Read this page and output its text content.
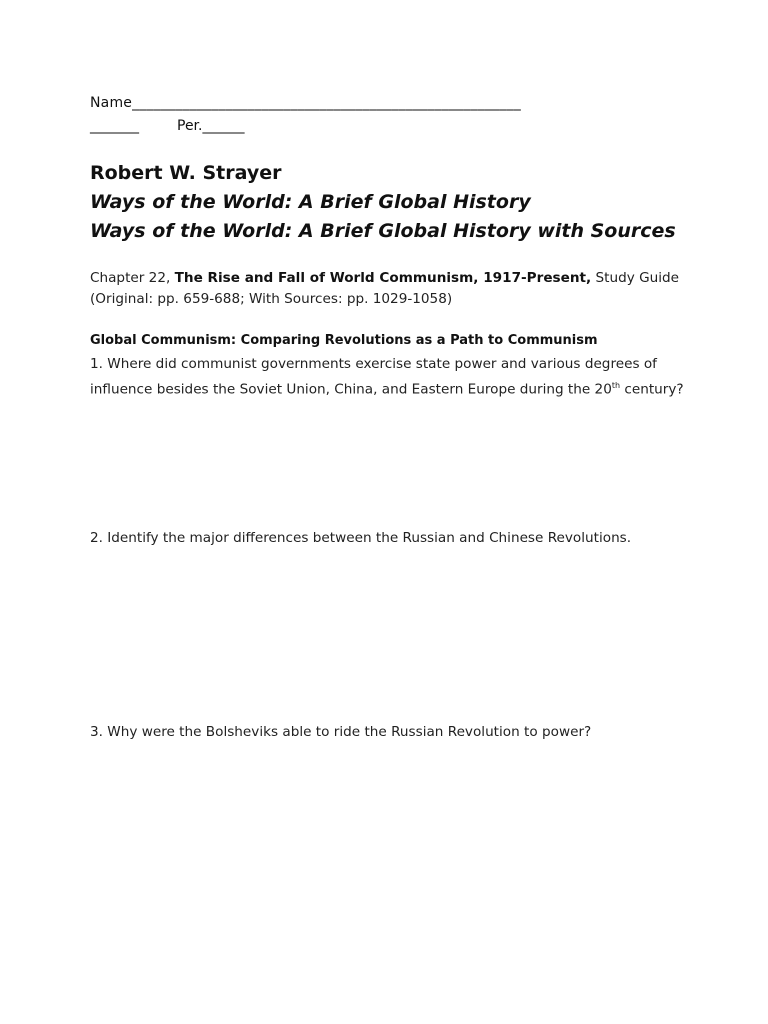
Name______________________________________________________
_______	Per.______
Robert W. Strayer
Ways of the World: A Brief Global History
Ways of the World: A Brief Global History with Sources
Chapter 22, The Rise and Fall of World Communism, 1917-Present, Study Guide
(Original: pp. 659-688; With Sources: pp. 1029-1058)
Global Communism: Comparing Revolutions as a Path to Communism
1. Where did communist governments exercise state power and various degrees of influence besides the Soviet Union, China, and Eastern Europe during the 20th century?
2. Identify the major differences between the Russian and Chinese Revolutions.
3. Why were the Bolsheviks able to ride the Russian Revolution to power?
